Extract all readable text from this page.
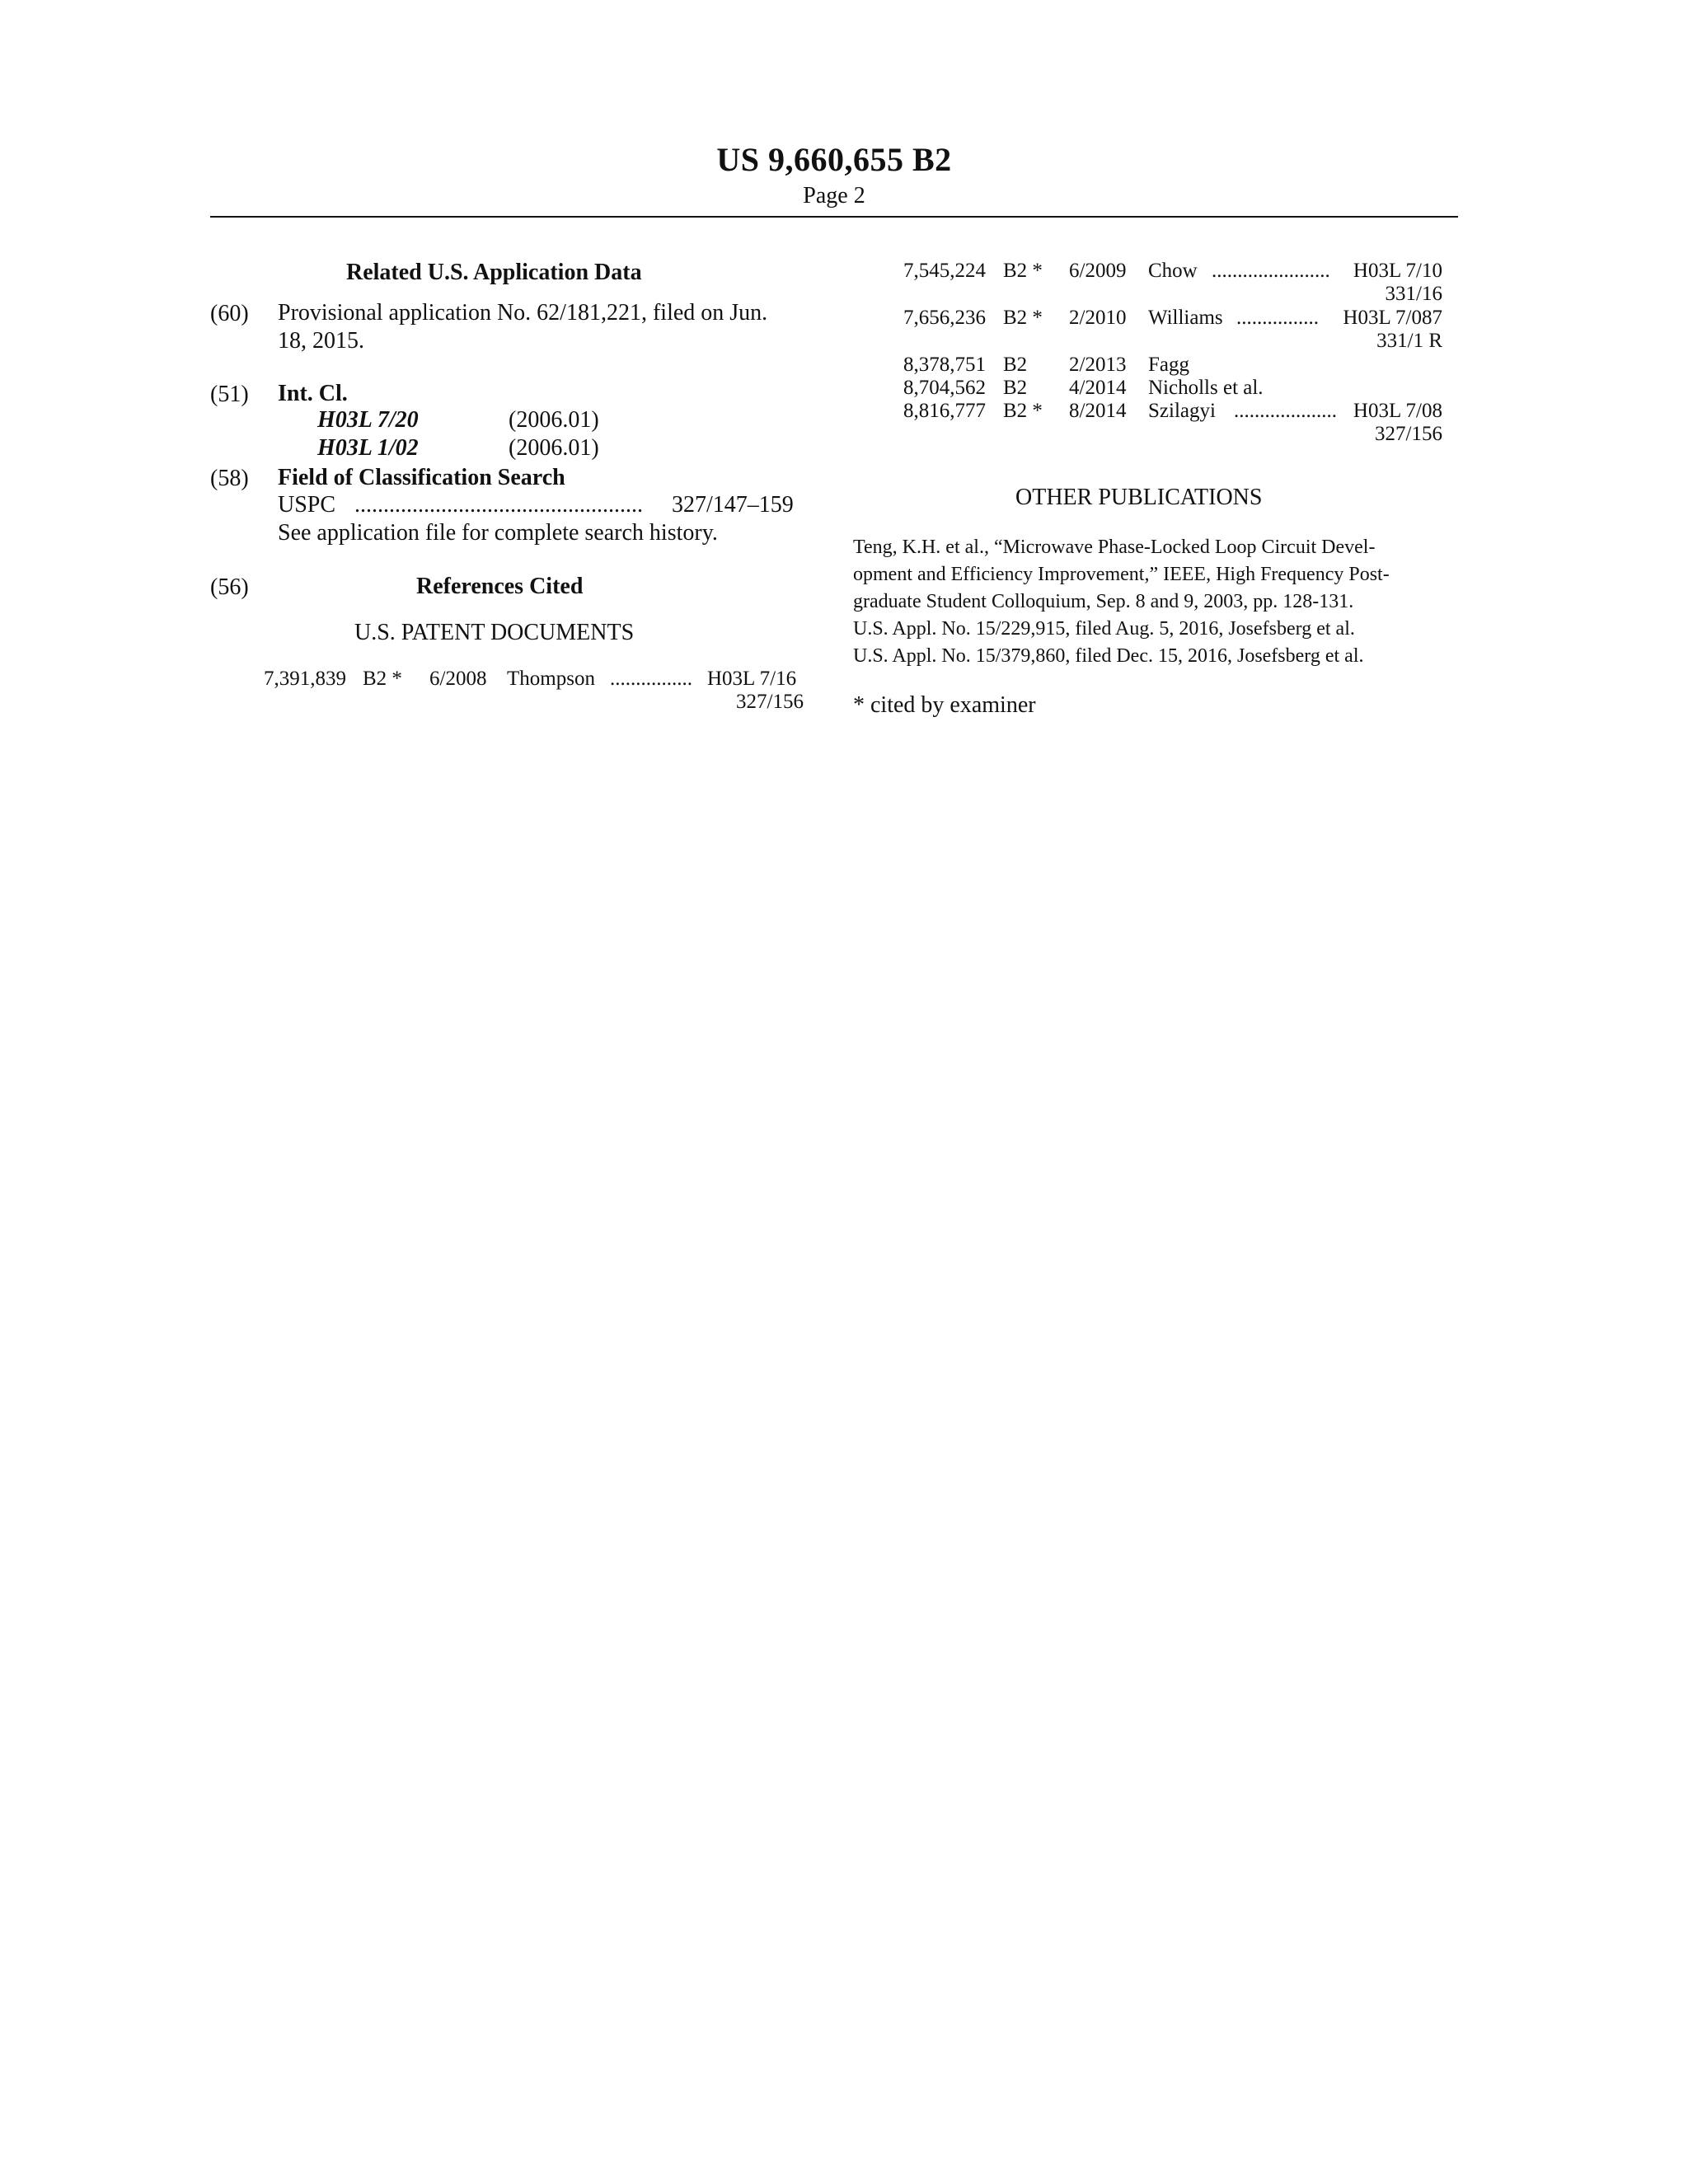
US 9,660,655 B2
Page 2
Related U.S. Application Data
(60) Provisional application No. 62/181,221, filed on Jun.
18, 2015.
(51) Int. Cl.
H03L 7/20	(2006.01)
H03L 1/02	(2006.01)
(58) Field of Classification Search
USPC ..................................................	327/147–159
See application file for complete search history.
(56)	References Cited
U.S. PATENT DOCUMENTS
7,391,839 B2 * 6/2008 Thompson ................ H03L 7/16
327/156
7,545,224 B2 * 6/2009 Chow .......................	H03L 7/10
331/16
7,656,236 B2 * 2/2010 Williams ................	H03L 7/087
331/1 R
8,378,751 B2 2/2013 Fagg
8,704,562 B2 4/2014 Nicholls et al.
8,816,777 B2 * 8/2014 Szilagyi .................... H03L 7/08
327/156
OTHER PUBLICATIONS
Teng, K.H. et al., “Microwave Phase-Locked Loop Circuit Devel-
opment and Efficiency Improvement,” IEEE, High Frequency Post-
graduate Student Colloquium, Sep. 8 and 9, 2003, pp. 128-131.
U.S. Appl. No. 15/229,915, filed Aug. 5, 2016, Josefsberg et al.
U.S. Appl. No. 15/379,860, filed Dec. 15, 2016, Josefsberg et al.
* cited by examiner
